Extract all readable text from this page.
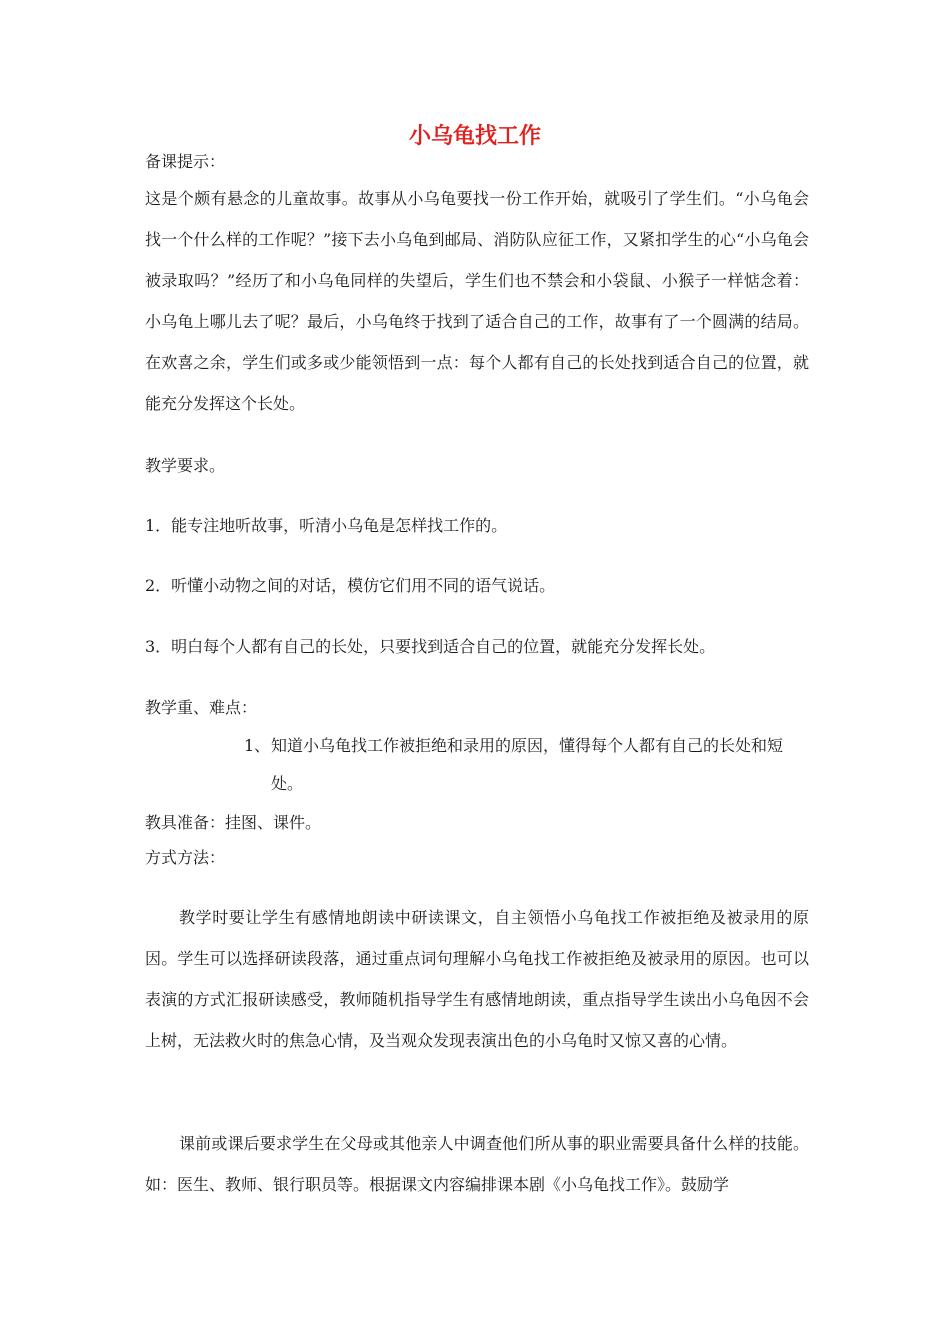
小乌龟找工作
备课提示：
这是个颇有悬念的儿童故事。故事从小乌龟要找一份工作开始，就吸引了学生们。“小乌龟会找一个什么样的工作呢？”接下去小乌龟到邮局、消防队应征工作，又紧扣学生的心“小乌龟会被录取吗？”经历了和小乌龟同样的失望后，学生们也不禁会和小袋鼠、小猴子一样惦念着：小乌龟上哪儿去了呢？最后，小乌龟终于找到了适合自己的工作，故事有了一个圆满的结局。在欢喜之余，学生们或多或少能领悟到一点：每个人都有自己的长处找到适合自己的位置，就能充分发挥这个长处。
教学要求。
1．能专注地听故事，听清小乌龟是怎样找工作的。
2．听懂小动物之间的对话，模仿它们用不同的语气说话。
3．明白每个人都有自己的长处，只要找到适合自己的位置，就能充分发挥长处。
教学重、难点：
1、 知道小乌龟找工作被拒绝和录用的原因，懂得每个人都有自己的长处和短
处。
教具准备：挂图、课件。
方式方法：
教学时要让学生有感情地朗读中研读课文，自主领悟小乌龟找工作被拒绝及被录用的原因。学生可以选择研读段落，通过重点词句理解小乌龟找工作被拒绝及被录用的原因。也可以表演的方式汇报研读感受，教师随机指导学生有感情地朗读，重点指导学生读出小乌龟因不会上树，无法救火时的焦急心情，及当观众发现表演出色的小乌龟时又惊又喜的心情。
课前或课后要求学生在父母或其他亲人中调查他们所从事的职业需要具备什么样的技能。如：医生、教师、银行职员等。根据课文内容编排课本剧《小乌龟找工作》。鼓励学
